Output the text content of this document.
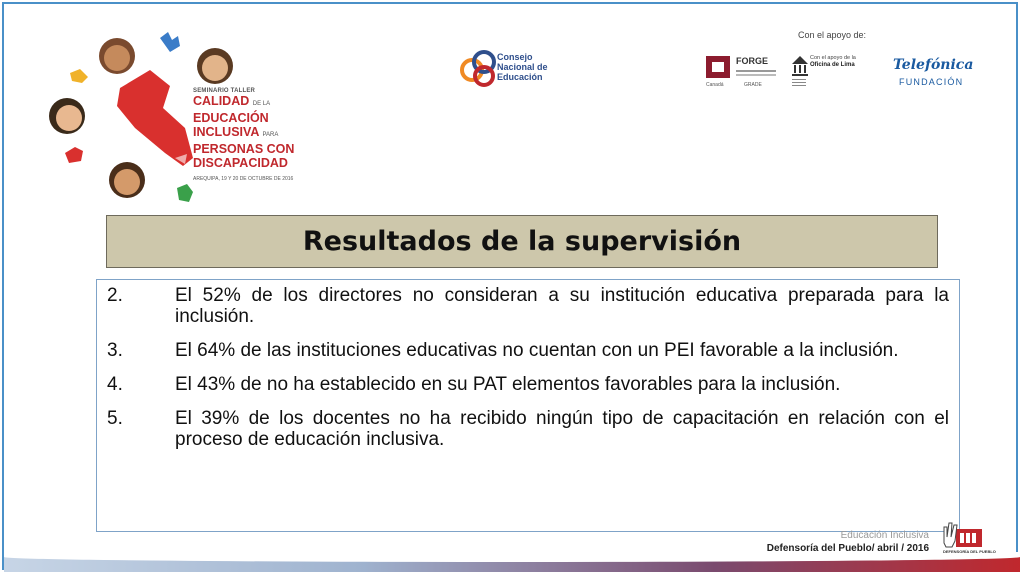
SEMINARIO TALLER
CALIDAD DE LA
EDUCACIÓN
INCLUSIVA PARA
PERSONAS CON
DISCAPACIDAD
AREQUIPA, 19 Y 20 DE OCTUBRE DE 2016
Consejo
Nacional de
Educación
Con el apoyo de:
FORGE
Canadá	GRADE
Con el apoyo de la
Oficina de Lima	Telefónica
FUNDACIÓN
Resultados de la supervisión
2.	El 52% de los directores no consideran a su institución educativa preparada para la inclusión.
3.	El 64% de las instituciones educativas no cuentan con un PEI favorable a la inclusión.
4.	El 43% de no ha establecido en su PAT elementos favorables para la inclusión.
5.	El 39% de los docentes no ha recibido ningún tipo de capacitación en relación con el proceso de educación inclusiva.
Educación Inclusiva
Defensoría del Pueblo/ abril / 2016	DEFENSORÍA DEL PUEBLO
